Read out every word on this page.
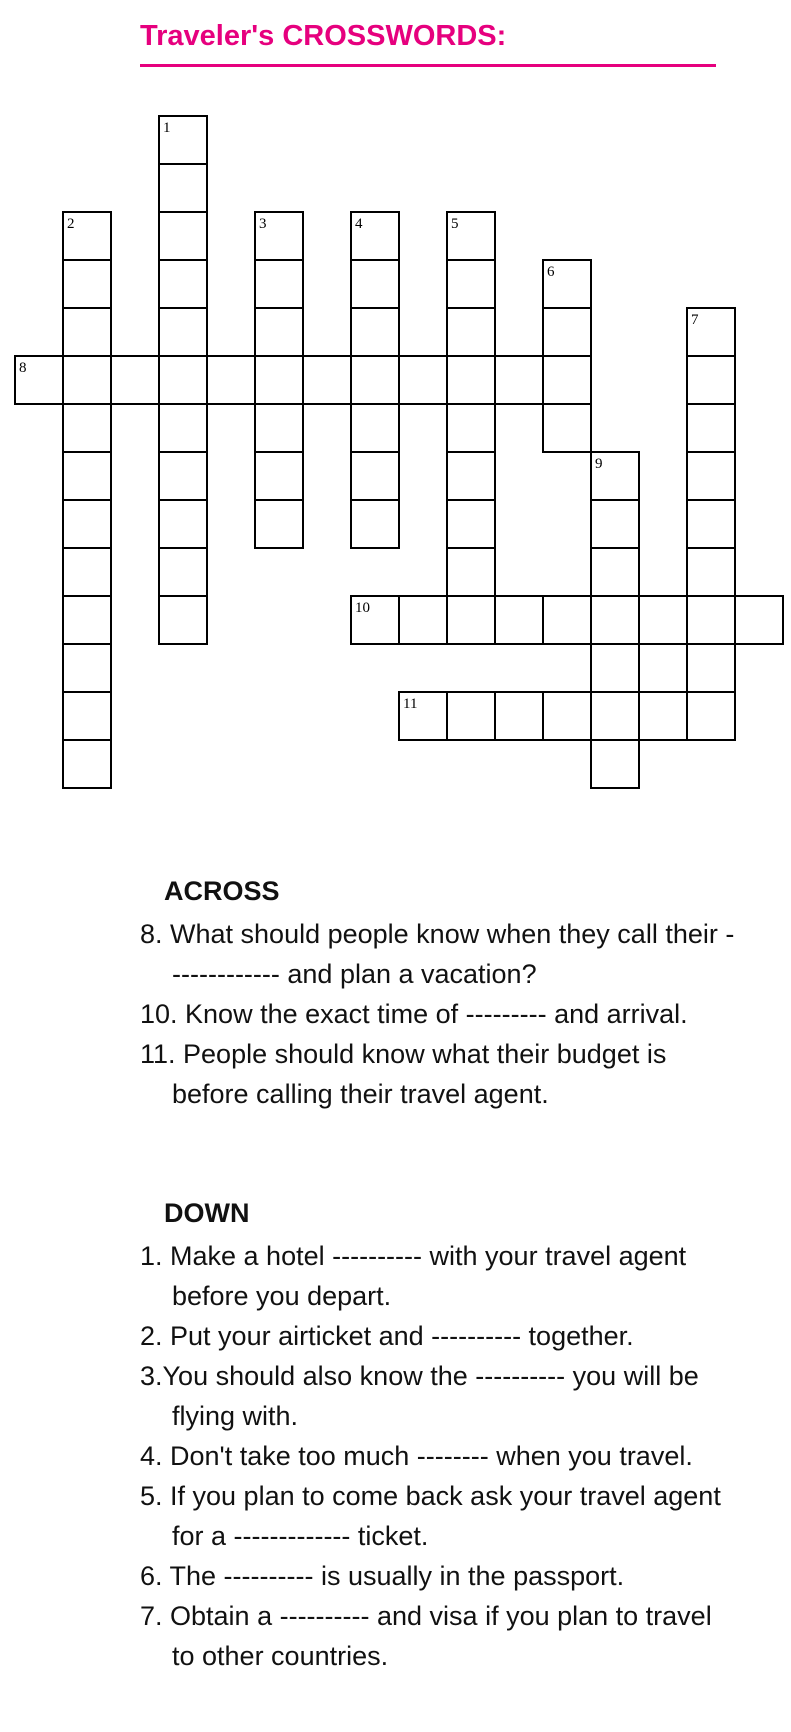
Traveler's CROSSWORDS:
1
2	3	4	5
6
7
8
9
10
11
ACROSS
8. What should people know when they call their ------------- and plan a vacation?
10. Know the exact time of --------- and arrival.
11. People should know what their budget is before calling their travel agent.
DOWN
1. Make a hotel ---------- with your travel agent before you depart.
2. Put your airticket and ---------- together.
3.You should also know the ---------- you will be flying with.
4. Don't take too much -------- when you travel.
5. If you plan to come back ask your travel agent for a ------------- ticket.
6. The ---------- is usually in the passport.
7. Obtain a ---------- and visa if you plan to travel to other countries.
